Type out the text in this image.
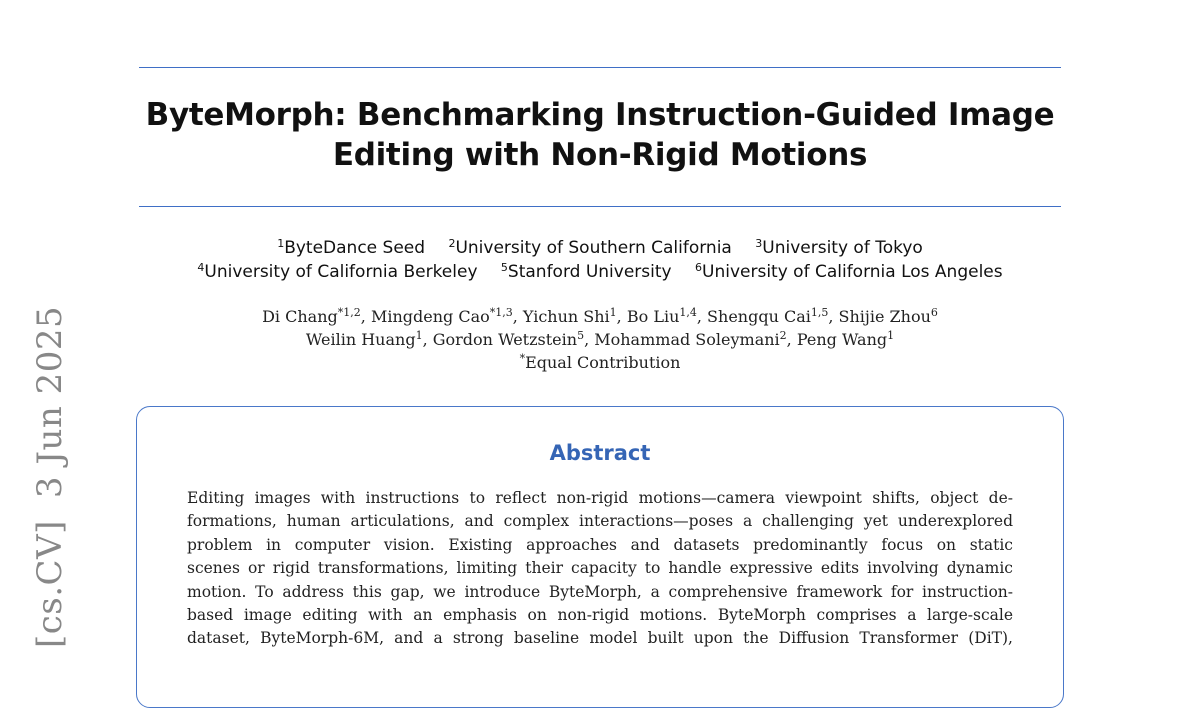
[cs.CV]3 Jun 2025
ByteMorph: Benchmarking Instruction-Guided Image
Editing with Non-Rigid Motions
$^1$ByteDance Seed $^2$University of Southern California $^3$University of Tokyo
$^4$University of California Berkeley $^5$Stanford University $^6$University of California Los Angeles
Di Chang$^{*1,2}$, Mingdeng Cao$^{*1,3}$, Yichun Shi$^1$, Bo Liu$^{1,4}$, Shengqu Cai$^{1,5}$, Shijie Zhou$^6$
Weilin Huang$^1$, Gordon Wetzstein$^5$, Mohammad Soleymani$^2$, Peng Wang$^1$
*Equal Contribution
Abstract
Editing images with instructions to reflect non-rigid motions—camera viewpoint shifts, object de-
formations, human articulations, and complex interactions—poses a challenging yet underexplored
problem in computer vision. Existing approaches and datasets predominantly focus on static
scenes or rigid transformations, limiting their capacity to handle expressive edits involving dynamic
motion. To address this gap, we introduce ByteMorph, a comprehensive framework for instruction-
based image editing with an emphasis on non-rigid motions. ByteMorph comprises a large-scale
dataset, ByteMorph-6M, and a strong baseline model built upon the Diffusion Transformer (DiT),
